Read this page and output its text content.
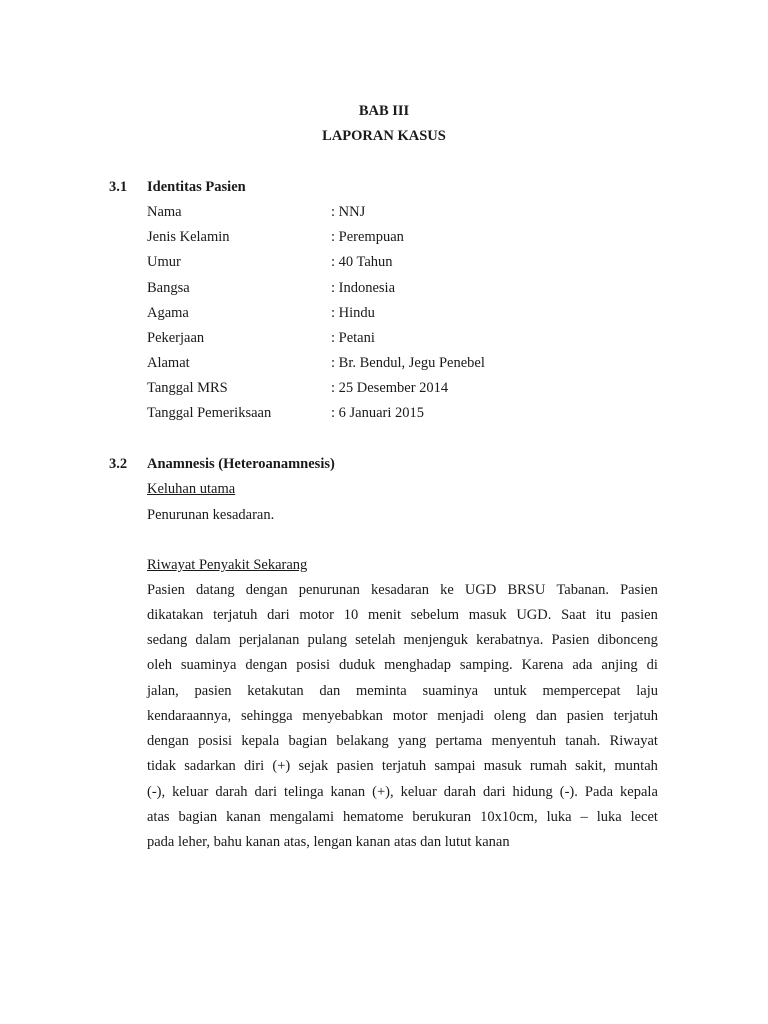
BAB III
LAPORAN KASUS
3.1 Identitas Pasien
Nama	: NNJ
Jenis Kelamin	: Perempuan
Umur	: 40 Tahun
Bangsa	: Indonesia
Agama	: Hindu
Pekerjaan	: Petani
Alamat	: Br. Bendul, Jegu Penebel
Tanggal MRS	: 25 Desember 2014
Tanggal Pemeriksaan	: 6 Januari 2015
3.2 Anamnesis (Heteroanamnesis)
Keluhan utama
Penurunan kesadaran.
Riwayat Penyakit Sekarang
Pasien datang dengan penurunan kesadaran ke UGD BRSU Tabanan. Pasien
dikatakan terjatuh dari motor 10 menit sebelum masuk UGD. Saat itu pasien
sedang dalam perjalanan pulang setelah menjenguk kerabatnya. Pasien dibonceng
oleh suaminya dengan posisi duduk menghadap samping. Karena ada anjing di
jalan, pasien ketakutan dan meminta suaminya untuk mempercepat laju
kendaraannya, sehingga menyebabkan motor menjadi oleng dan pasien terjatuh
dengan posisi kepala bagian belakang yang pertama menyentuh tanah. Riwayat
tidak sadarkan diri (+) sejak pasien terjatuh sampai masuk rumah sakit, muntah
(-), keluar darah dari telinga kanan (+), keluar darah dari hidung (-). Pada kepala
atas bagian kanan mengalami hematome berukuran 10x10cm, luka – luka lecet
pada leher, bahu kanan atas, lengan kanan atas dan lutut kanan
